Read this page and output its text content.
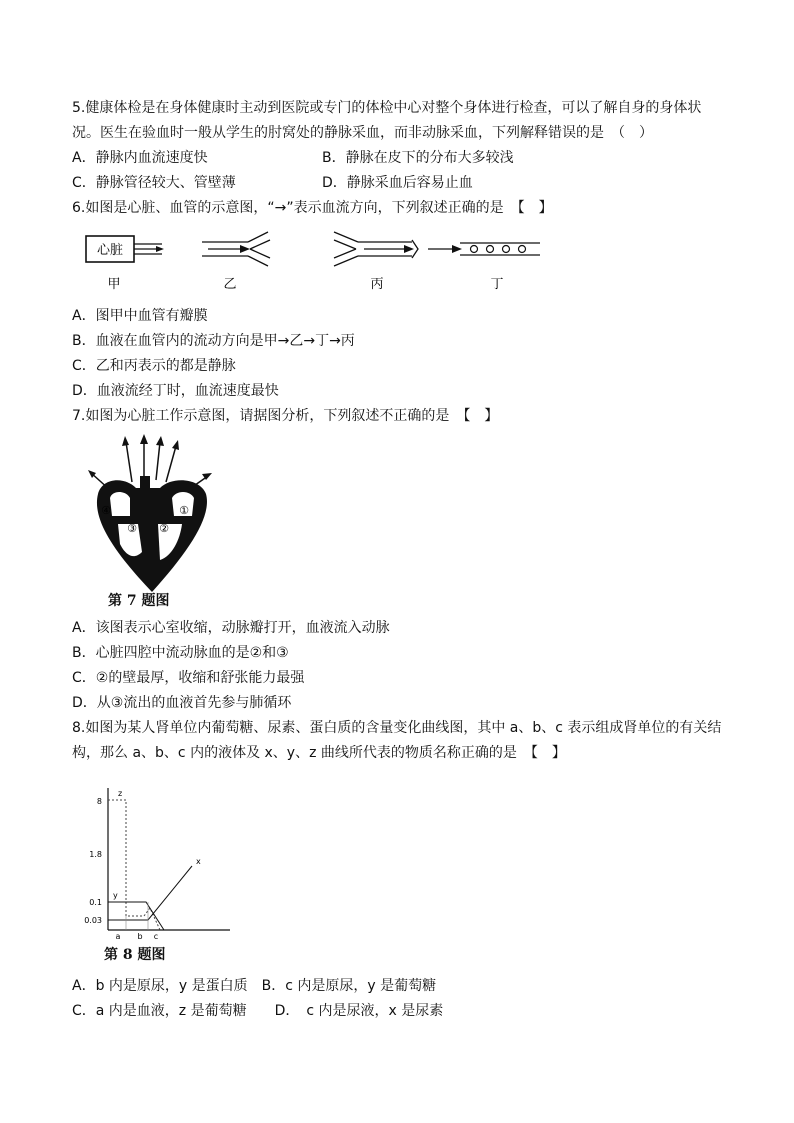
5.健康体检是在身体健康时主动到医院或专门的体检中心对整个身体进行检查，可以了解自身的身体状
况。医生在验血时一般从学生的肘窝处的静脉采血，而非动脉采血，下列解释错误的是　（　）
A．静脉内血流速度快	B．静脉在皮下的分布大多较浅
C．静脉管径较大、管壁薄	D．静脉采血后容易止血
6.如图是心脏、血管的示意图，“→”表示血流方向，下列叙述正确的是　【　】
心脏
甲	乙	丙	丁
A．图甲中血管有瓣膜
B．血液在血管内的流动方向是甲→乙→丁→丙
C．乙和丙表示的都是静脉
D．血液流经丁时，血流速度最快
7.如图为心脏工作示意图，请据图分析，下列叙述不正确的是　【　】
④
③ ②
①
第 7 题图
A．该图表示心室收缩，动脉瓣打开，血液流入动脉
B．心脏四腔中流动脉血的是②和③
C．②的壁最厚，收缩和舒张能力最强
D．从③流出的血液首先参与肺循环
8.如图为某人肾单位内葡萄糖、尿素、蛋白质的含量变化曲线图，其中 a、b、c 表示组成肾单位的有关结
构，那么 a、b、c 内的液体及 x、y、z 曲线所代表的物质名称正确的是　【　】
8
1.8
0.1
0.03
a b c
z
y
x
第 8 题图
A．b 内是原尿，y 是蛋白质　B．c 内是原尿，y 是葡萄糖
C．a 内是血液，z 是葡萄糖　　D．　c 内是尿液，x 是尿素
